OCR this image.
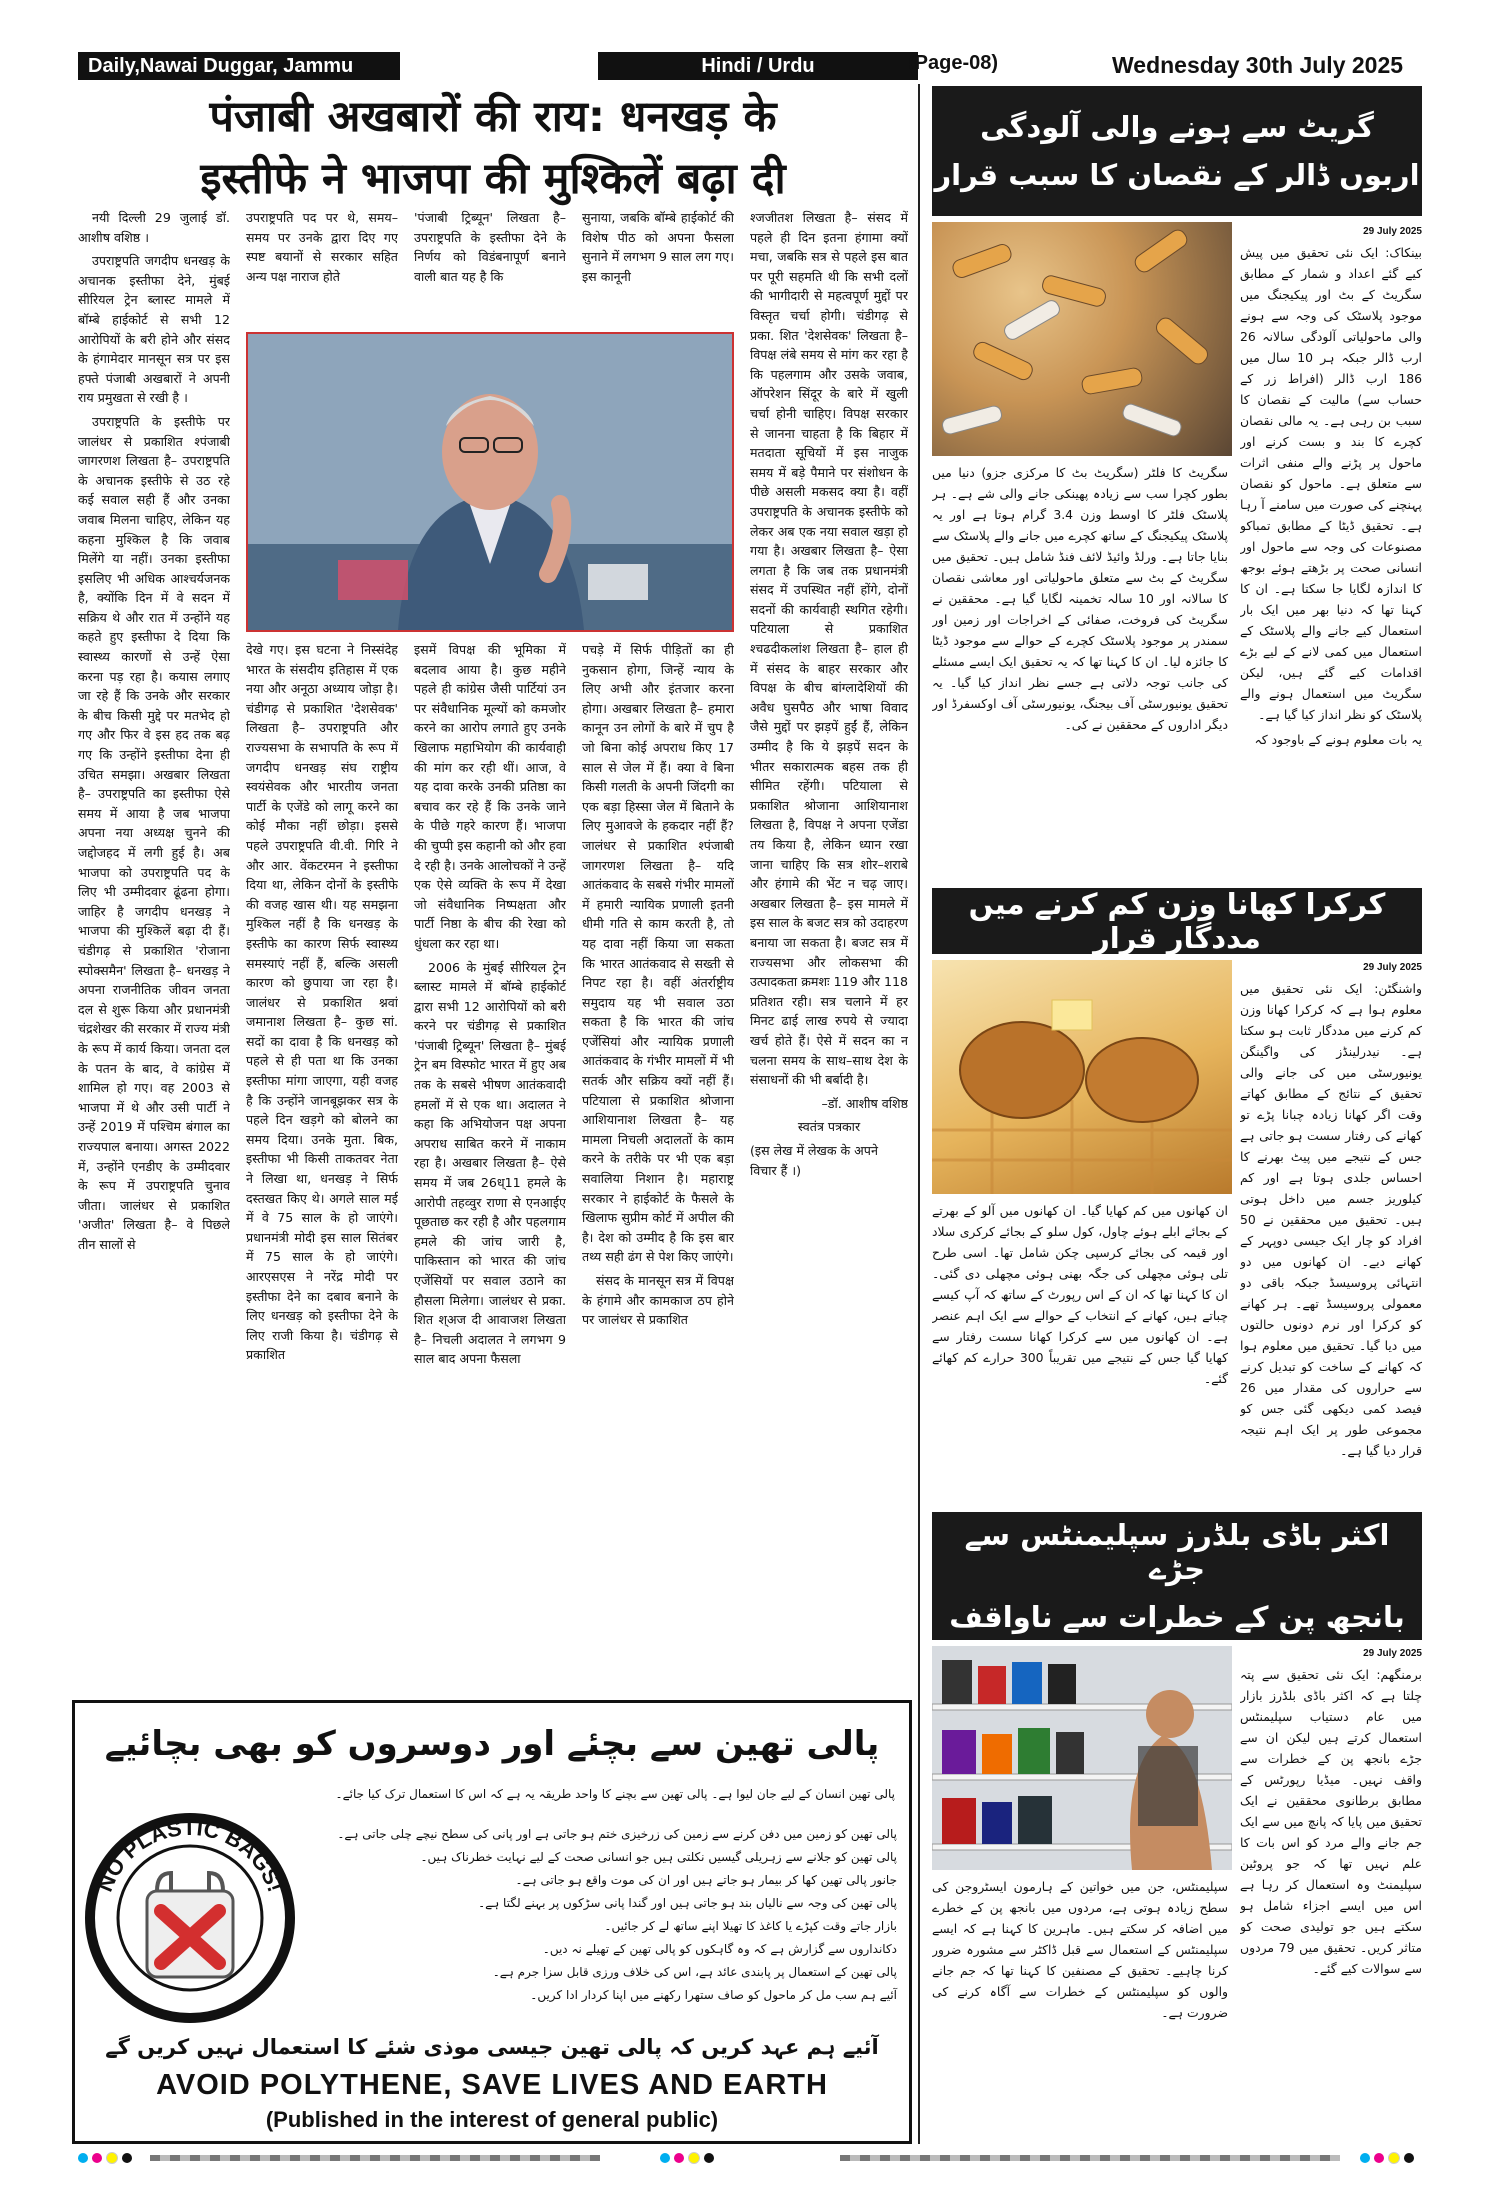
Daily,Nawai Duggar, Jammu	Hindi / Urdu	(Page-08)	Wednesday 30th July 2025
पंजाबी अखबारों की राय: धनखड़ के
इस्तीफे ने भाजपा की मुश्किलें बढ़ा दी

नयी दिल्ली 29 जुलाई डॉ. आशीष वशिष्ठ ।

उपराष्ट्रपति जगदीप धनखड़ के अचानक इस्तीफा देने, मुंबई सीरियल ट्रेन ब्लास्ट मामले में बॉम्बे हाईकोर्ट से सभी 12 आरोपियों के बरी होने और संसद के हंगामेदार मानसून सत्र पर इस हफ्ते पंजाबी अखबारों ने अपनी राय प्रमुखता से रखी है ।

उपराष्ट्रपति के इस्तीफे पर जालंधर से प्रकाशित श्पंजाबी जागरणश लिखता है– उपराष्ट्रपति के अचानक इस्तीफे से उठ रहे कई सवाल सही हैं और उनका जवाब मिलना चाहिए, लेकिन यह कहना मुश्किल है कि जवाब मिलेंगे या नहीं। उनका इस्तीफा इसलिए भी अधिक आश्चर्यजनक है, क्योंकि दिन में वे सदन में सक्रिय थे और रात में उन्होंने यह कहते हुए इस्तीफा दे दिया कि स्वास्थ्य कारणों से उन्हें ऐसा करना पड़ रहा है। कयास लगाए जा रहे हैं कि उनके और सरकार के बीच किसी मुद्दे पर मतभेद हो गए और फिर वे इस हद तक बढ़ गए कि उन्होंने इस्तीफा देना ही उचित समझा। अखबार लिखता है– उपराष्ट्रपति का इस्तीफा ऐसे समय में आया है जब भाजपा अपना नया अध्यक्ष चुनने की जद्दोजहद में लगी हुई है। अब भाजपा को उपराष्ट्रपति पद के लिए भी उम्मीदवार ढूंढना होगा। जाहिर है जगदीप धनखड़ ने भाजपा की मुश्किलें बढ़ा दी हैं। चंडीगढ़ से प्रकाशित 'रोजाना स्पोक्समैन' लिखता है– धनखड़ ने अपना राजनीतिक जीवन जनता दल से शुरू किया और प्रधानमंत्री चंद्रशेखर की सरकार में राज्य मंत्री के रूप में कार्य किया। जनता दल के पतन के बाद, वे कांग्रेस में शामिल हो गए। वह 2003 से भाजपा में थे और उसी पार्टी ने उन्हें 2019 में पश्चिम बंगाल का राज्यपाल बनाया। अगस्त 2022 में, उन्होंने एनडीए के उम्मीदवार के रूप में उपराष्ट्रपति चुनाव जीता। जालंधर से प्रकाशित 'अजीत' लिखता है– वे पिछले तीन सालों से

उपराष्ट्रपति पद पर थे, समय–समय पर उनके द्वारा दिए गए स्पष्ट बयानों से सरकार सहित अन्य पक्ष नाराज होते

'पंजाबी ट्रिब्यून' लिखता है– उपराष्ट्रपति के इस्तीफा देने के निर्णय को विडंबनापूर्ण बनाने वाली बात यह है कि

सुनाया, जबकि बॉम्बे हाईकोर्ट की विशेष पीठ को अपना फैसला सुनाने में लगभग 9 साल लग गए। इस कानूनी

श्जजीतश लिखता है– संसद में पहले ही दिन इतना हंगामा क्यों मचा, जबकि सत्र से पहले इस बात पर पूरी सहमति थी कि सभी दलों की भागीदारी से महत्वपूर्ण मुद्दों पर विस्तृत चर्चा होगी। चंडीगढ़ से प्रका. शित 'देशसेवक' लिखता है– विपक्ष लंबे समय से मांग कर रहा है कि पहलगाम और उसके जवाब, ऑपरेशन सिंदूर के बारे में खुली चर्चा होनी चाहिए। विपक्ष सरकार से जानना चाहता है कि बिहार में मतदाता सूचियों में इस नाजुक समय में बड़े पैमाने पर संशोधन के पीछे असली मकसद क्या है। वहीं उपराष्ट्रपति के अचानक इस्तीफे को लेकर अब एक नया सवाल खड़ा हो गया है। अखबार लिखता है– ऐसा लगता है कि जब तक प्रधानमंत्री संसद में उपस्थित नहीं होंगे, दोनों सदनों की कार्यवाही स्थगित रहेगी। पटियाला से प्रकाशित श्चढदीकलांश लिखता है– हाल ही में संसद के बाहर सरकार और विपक्ष के बीच बांग्लादेशियों की अवैध घुसपैठ और भाषा विवाद जैसे मुद्दों पर झड़पें हुईं हैं, लेकिन उम्मीद है कि ये झड़पें सदन के भीतर सकारात्मक बहस तक ही सीमित रहेंगी। पटियाला से प्रकाशित श्रोजाना आशियानाश लिखता है, विपक्ष ने अपना एजेंडा तय किया है, लेकिन ध्यान रखा जाना चाहिए कि सत्र शोर–शराबे और हंगामे की भेंट न चढ़ जाए। अखबार लिखता है– इस मामले में इस साल के बजट सत्र को उदाहरण बनाया जा सकता है। बजट सत्र में राज्यसभा और लोकसभा की उत्पादकता क्रमशः 119 और 118 प्रतिशत रही। सत्र चलाने में हर मिनट ढाई लाख रुपये से ज्यादा खर्च होते हैं। ऐसे में सदन का न चलना समय के साथ–साथ देश के संसाधनों की भी बर्बादी है।

–डॉ. आशीष वशिष्ठ

स्वतंत्र पत्रकार

(इस लेख में लेखक के अपने विचार हैं ।)

देखे गए। इस घटना ने निस्संदेह भारत के संसदीय इतिहास में एक नया और अनूठा अध्याय जोड़ा है। चंडीगढ़ से प्रकाशित 'देशसेवक' लिखता है– उपराष्ट्रपति और राज्यसभा के सभापति के रूप में जगदीप धनखड़ संघ राष्ट्रीय स्वयंसेवक और भारतीय जनता पार्टी के एजेंडे को लागू करने का कोई मौका नहीं छोड़ा। इससे पहले उपराष्ट्रपति वी.वी. गिरि ने और आर. वेंकटरमन ने इस्तीफा दिया था, लेकिन दोनों के इस्तीफे की वजह खास थी। यह समझना मुश्किल नहीं है कि धनखड़ के इस्तीफे का कारण सिर्फ स्वास्थ्य समस्याएं नहीं हैं, बल्कि असली कारण को छुपाया जा रहा है। जालंधर से प्रकाशित श्नवां जमानाश लिखता है– कुछ सां. सदों का दावा है कि धनखड़ को पहले से ही पता था कि उनका इस्तीफा मांगा जाएगा, यही वजह है कि उन्होंने जानबूझकर सत्र के पहले दिन खड़गे को बोलने का समय दिया। उनके मुता. बिक, इस्तीफा भी किसी ताकतवर नेता ने लिखा था, धनखड़ ने सिर्फ दस्तखत किए थे। अगले साल मई में वे 75 साल के हो जाएंगे। प्रधानमंत्री मोदी इस साल सितंबर में 75 साल के हो जाएंगे। आरएसएस ने नरेंद्र मोदी पर इस्तीफा देने का दबाव बनाने के लिए धनखड़ को इस्तीफा देने के लिए राजी किया है। चंडीगढ़ से प्रकाशित

इसमें विपक्ष की भूमिका में बदलाव आया है। कुछ महीने पहले ही कांग्रेस जैसी पार्टियां उन पर संवैधानिक मूल्यों को कमजोर करने का आरोप लगाते हुए उनके खिलाफ महाभियोग की कार्यवाही की मांग कर रही थीं। आज, वे यह दावा करके उनकी प्रतिष्ठा का बचाव कर रहे हैं कि उनके जाने के पीछे गहरे कारण हैं। भाजपा की चुप्पी इस कहानी को और हवा दे रही है। उनके आलोचकों ने उन्हें एक ऐसे व्यक्ति के रूप में देखा जो संवैधानिक निष्पक्षता और पार्टी निष्ठा के बीच की रेखा को धुंधला कर रहा था।

2006 के मुंबई सीरियल ट्रेन ब्लास्ट मामले में बॉम्बे हाईकोर्ट द्वारा सभी 12 आरोपियों को बरी करने पर चंडीगढ़ से प्रकाशित 'पंजाबी ट्रिब्यून' लिखता है– मुंबई ट्रेन बम विस्फोट भारत में हुए अब तक के सबसे भीषण आतंकवादी हमलों में से एक था। अदालत ने कहा कि अभियोजन पक्ष अपना अपराध साबित करने में नाकाम रहा है। अखबार लिखता है– ऐसे समय में जब 26ध्11 हमले के आरोपी तहव्वुर राणा से एनआईए पूछताछ कर रही है और पहलगाम हमले की जांच जारी है, पाकिस्तान को भारत की जांच एजेंसियों पर सवाल उठाने का हौसला मिलेगा। जालंधर से प्रका. शित श्अज दी आवाजश लिखता है– निचली अदालत ने लगभग 9 साल बाद अपना फैसला

पचड़े में सिर्फ पीड़ितों का ही नुकसान होगा, जिन्हें न्याय के लिए अभी और इंतजार करना होगा। अखबार लिखता है– हमारा कानून उन लोगों के बारे में चुप है जो बिना कोई अपराध किए 17 साल से जेल में हैं। क्या वे बिना किसी गलती के अपनी जिंदगी का एक बड़ा हिस्सा जेल में बिताने के लिए मुआवजे के हकदार नहीं हैं? जालंधर से प्रकाशित श्पंजाबी जागरणश लिखता है– यदि आतंकवाद के सबसे गंभीर मामलों में हमारी न्यायिक प्रणाली इतनी धीमी गति से काम करती है, तो यह दावा नहीं किया जा सकता कि भारत आतंकवाद से सख्ती से निपट रहा है। वहीं अंतर्राष्ट्रीय समुदाय यह भी सवाल उठा सकता है कि भारत की जांच एजेंसियां और न्यायिक प्रणाली आतंकवाद के गंभीर मामलों में भी सतर्क और सक्रिय क्यों नहीं हैं। पटियाला से प्रकाशित श्रोजाना आशियानाश लिखता है– यह मामला निचली अदालतों के काम करने के तरीके पर भी एक बड़ा सवालिया निशान है। महाराष्ट्र सरकार ने हाईकोर्ट के फैसले के खिलाफ सुप्रीम कोर्ट में अपील की है। देश को उम्मीद है कि इस बार तथ्य सही ढंग से पेश किए जाएंगे।

संसद के मानसून सत्र में विपक्ष के हंगामे और कामकाज ठप होने पर जालंधर से प्रकाशित

گریٹ سے ہونے والی آلودگی
اربوں ڈالر کے نقصان کا سبب قرار
29 July 2025

بینکاک: ایک نئی تحقیق میں پیش کیے گئے اعداد و شمار کے مطابق سگریٹ کے بٹ اور پیکیجنگ میں موجود پلاسٹک کی وجہ سے ہونے والی ماحولیاتی آلودگی سالانہ 26 ارب ڈالر جبکہ ہر 10 سال میں 186 ارب ڈالر (افراط زر کے حساب سے) مالیت کے نقصان کا سبب بن رہی ہے۔ یہ مالی نقصان کچرے کا بند و بست کرنے اور ماحول پر پڑنے والے منفی اثرات سے متعلق ہے۔ ماحول کو نقصان پہنچنے کی صورت میں سامنے آ رہا ہے۔ تحقیق ڈیٹا کے مطابق تمباکو مصنوعات کی وجہ سے ماحول اور انسانی صحت پر بڑھتے ہوئے بوجھ کا اندازہ لگایا جا سکتا ہے۔ ان کا کہنا تھا کہ دنیا بھر میں ایک بار استعمال کیے جانے والے پلاسٹک کے استعمال میں کمی لانے کے لیے بڑے اقدامات کیے گئے ہیں، لیکن سگریٹ میں استعمال ہونے والے پلاسٹک کو نظر انداز کیا گیا ہے۔

یہ بات معلوم ہونے کے باوجود کہ

سگریٹ کا فلٹر (سگریٹ بٹ کا مرکزی جزو) دنیا میں بطور کچرا سب سے زیادہ پھینکی جانے والی شے ہے۔ ہر پلاسٹک فلٹر کا اوسط وزن 3.4 گرام ہوتا ہے اور یہ پلاسٹک پیکیجنگ کے ساتھ کچرے میں جانے والے پلاسٹک سے بنایا جاتا ہے۔ ورلڈ وائیڈ لائف فنڈ شامل ہیں۔ تحقیق میں سگریٹ کے بٹ سے متعلق ماحولیاتی اور معاشی نقصان کا سالانہ اور 10 سالہ تخمینہ لگایا گیا ہے۔ محققین نے سگریٹ کی فروخت، صفائی کے اخراجات اور زمین اور سمندر پر موجود پلاسٹک کچرے کے حوالے سے موجود ڈیٹا کا جائزہ لیا۔ ان کا کہنا تھا کہ یہ تحقیق ایک ایسے مسئلے کی جانب توجہ دلاتی ہے جسے نظر انداز کیا گیا۔ یہ تحقیق یونیورسٹی آف بیجنگ، یونیورسٹی آف اوکسفرڈ اور دیگر اداروں کے محققین نے کی۔

کرکرا کھانا وزن کم کرنے میں مددگار قرار
29 July 2025

واشنگٹن: ایک نئی تحقیق میں معلوم ہوا ہے کہ کرکرا کھانا وزن کم کرنے میں مددگار ثابت ہو سکتا ہے۔ نیدرلینڈز کی واگینگن یونیورسٹی میں کی جانے والی تحقیق کے نتائج کے مطابق کھاتے وقت اگر کھانا زیادہ چبانا پڑے تو کھانے کی رفتار سست ہو جاتی ہے جس کے نتیجے میں پیٹ بھرنے کا احساس جلدی ہوتا ہے اور کم کیلوریز جسم میں داخل ہوتی ہیں۔ تحقیق میں محققین نے 50 افراد کو چار ایک جیسی دوپہر کے کھانے دیے۔ ان کھانوں میں دو انتہائی پروسیسڈ جبکہ باقی دو معمولی پروسیسڈ تھے۔ ہر کھانے کو کرکرا اور نرم دونوں حالتوں میں دیا گیا۔ تحقیق میں معلوم ہوا کہ کھانے کے ساخت کو تبدیل کرنے سے حراروں کی مقدار میں 26 فیصد کمی دیکھی گئی جس کو مجموعی طور پر ایک اہم نتیجہ قرار دیا گیا ہے۔

ان کھانوں میں کم کھایا گیا۔ ان کھانوں میں آلو کے بھرتے کے بجائے ابلے ہوئے چاول، کول سلو کے بجائے کرکری سلاد اور قیمہ کی بجائے کرسپی چکن شامل تھا۔ اسی طرح تلی ہوئی مچھلی کی جگہ بھنی ہوئی مچھلی دی گئی۔ ان کا کہنا تھا کہ ان کے اس رپورٹ کے ساتھ کہ آپ کیسے چباتے ہیں، کھانے کے انتخاب کے حوالے سے ایک اہم عنصر ہے۔ ان کھانوں میں سے کرکرا کھانا سست رفتار سے کھایا گیا جس کے نتیجے میں تقریباً 300 حرارے کم کھائے گئے۔

اکثر باڈی بلڈرز سپلیمنٹس سے جڑے
بانجھ پن کے خطرات سے ناواقف
29 July 2025

برمنگھم: ایک نئی تحقیق سے پتہ چلتا ہے کہ اکثر باڈی بلڈرز بازار میں عام دستیاب سپلیمنٹس استعمال کرتے ہیں لیکن ان سے جڑے بانجھ پن کے خطرات سے واقف نہیں۔ میڈیا رپورٹس کے مطابق برطانوی محققین نے ایک تحقیق میں پایا کہ پانچ میں سے ایک جم جانے والے مرد کو اس بات کا علم نہیں تھا کہ جو پروٹین سپلیمنٹ وہ استعمال کر رہا ہے اس میں ایسے اجزاء شامل ہو سکتے ہیں جو تولیدی صحت کو متاثر کریں۔ تحقیق میں 79 مردوں سے سوالات کیے گئے۔

سپلیمنٹس، جن میں خواتین کے ہارمون ایسٹروجن کی سطح زیادہ ہوتی ہے، مردوں میں بانجھ پن کے خطرے میں اضافہ کر سکتے ہیں۔ ماہرین کا کہنا ہے کہ ایسے سپلیمنٹس کے استعمال سے قبل ڈاکٹر سے مشورہ ضرور کرنا چاہیے۔ تحقیق کے مصنفین کا کہنا تھا کہ جم جانے والوں کو سپلیمنٹس کے خطرات سے آگاہ کرنے کی ضرورت ہے۔

پالی تھین سے بچئے اور دوسروں کو بھی بچائیے
پالی تھین انسان کے لیے جان لیوا ہے۔ پالی تھین سے بچنے کا واحد طریقہ یہ ہے کہ اس کا استعمال ترک کیا جائے۔
NO PLASTIC BAGS!
پالی تھین کو زمین میں دفن کرنے سے زمین کی زرخیزی ختم ہو جاتی ہے اور پانی کی سطح نیچے چلی جاتی ہے۔
پالی تھین کو جلانے سے زہریلی گیسیں نکلتی ہیں جو انسانی صحت کے لیے نہایت خطرناک ہیں۔
جانور پالی تھین کھا کر بیمار ہو جاتے ہیں اور ان کی موت واقع ہو جاتی ہے۔
پالی تھین کی وجہ سے نالیاں بند ہو جاتی ہیں اور گندا پانی سڑکوں پر بہنے لگتا ہے۔
بازار جاتے وقت کپڑے یا کاغذ کا تھیلا اپنے ساتھ لے کر جائیں۔
دکانداروں سے گزارش ہے کہ وہ گاہکوں کو پالی تھین کے تھیلے نہ دیں۔
پالی تھین کے استعمال پر پابندی عائد ہے، اس کی خلاف ورزی قابل سزا جرم ہے۔
آئیے ہم سب مل کر ماحول کو صاف ستھرا رکھنے میں اپنا کردار ادا کریں۔
آئیے ہم عہد کریں کہ پالی تھین جیسی موذی شئے کا استعمال نہیں کریں گے
AVOID POLYTHENE, SAVE LIVES AND EARTH
(Published in the interest of general public)
